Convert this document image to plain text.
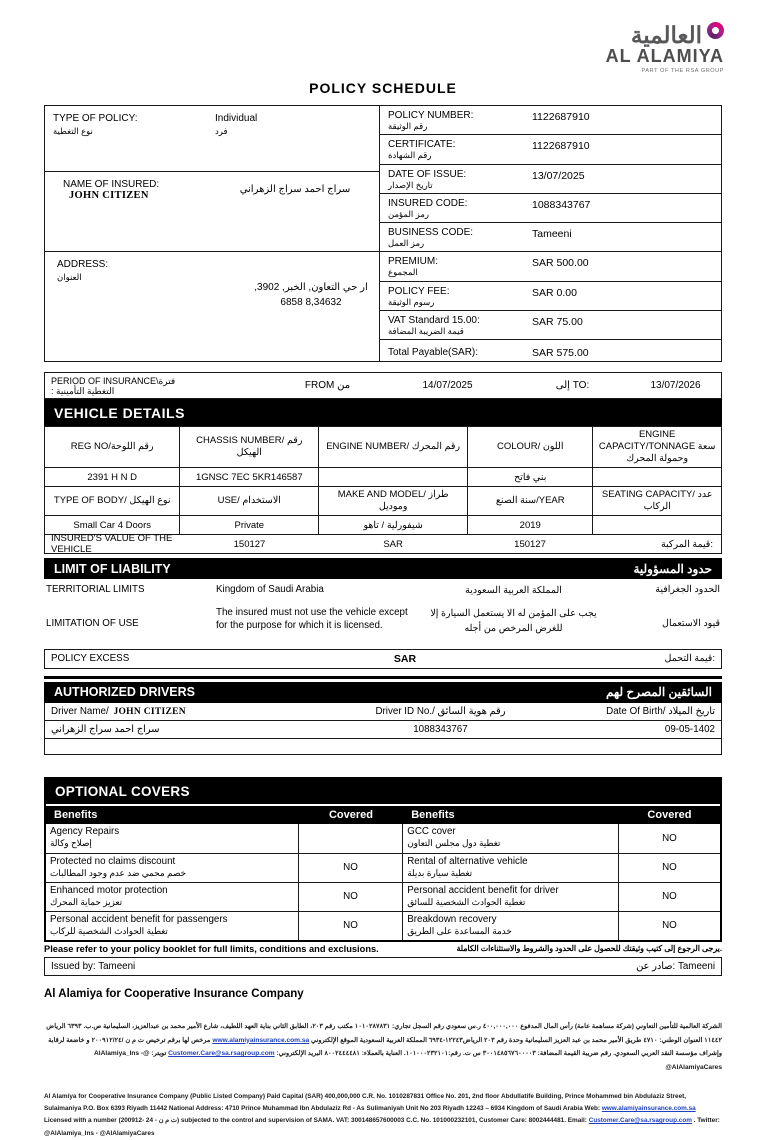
العالمية
AL ALAMIYA
PART OF THE RSA GROUP
POLICY SCHEDULE
TYPE OF POLICY:
نوع التغطية
Individual
فرد
NAME OF INSURED:
JOHN CITIZEN
سراج احمد سراج الزهراني
ADDRESS:
العنوان
ار حي التعاون, الخبر, 3902, 8,34632 6858
POLICY NUMBER:
رقم الوثيقة
1122687910
CERTIFICATE:
رقم الشهادة
1122687910
DATE OF ISSUE:
تاريخ الإصدار
13/07/2025
INSURED CODE:
رمز المؤمن
1088343767
BUSINESS CODE:
رمز العمل
Tameeni
PREMIUM:
المجموع
SAR 500.00
POLICY FEE:
رسوم الوثيقة
SAR 0.00
VAT Standard 15.00:
قيمة الضريبة المضافة
SAR 75.00
Total Payable(SAR):	SAR 575.00
PERIOD OF INSURANCE\فترة
: التغطية التأمينية	FROM من	14/07/2025	إلى TO:	13/07/2026
VEHICLE DETAILS
REG NO/رقم اللوحة	CHASSIS NUMBER/ رقم الهيكل	ENGINE NUMBER/ رقم المحرك	COLOUR/ اللون	ENGINE CAPACITY/TONNAGE سعة وحمولة المحرك
2391 H N D	1GNSC 7EC 5KR146587		بني فاتح	
TYPE OF BODY/ نوع الهيكل	USE/ الاستخدام	MAKE AND MODEL/ طراز وموديل	سنة الصنع/YEAR	SEATING CAPACITY/ عدد الركاب
Small Car 4 Doors	Private	شيفورلية / تاهو	2019	
INSURED'S VALUE OF THE VEHICLE	150127	SAR	150127	قيمة المركبة:
LIMIT OF LIABILITY	حدود المسؤولية
TERRITORIAL LIMITS	Kingdom of Saudi Arabia	المملكة العربية السعودية	الحدود الجغرافية
LIMITATION OF USE
The insured must not use the vehicle except for the purpose for which it is licensed.
يجب على المؤمن له الا يستعمل السيارة إلا للغرض المرخص من أجله	قيود الاستعمال
POLICY EXCESS	SAR	قيمة التحمل:
AUTHORIZED DRIVERS	السائقين المصرح لهم
Driver Name/ JOHN CITIZEN	Driver ID No./ رقم هوية السائق	Date Of Birth/ تاريخ الميلاد
سراج احمد سراج الزهراني	1088343767	09-05-1402
OPTIONAL COVERS
Benefits	Covered	Benefits	Covered
Agency Repairs
إصلاح وكالة
GCC cover
تغطية دول مجلس التعاون	NO
Protected no claims discount
خصم محمي ضد عدم وجود المطالبات	NO
Rental of alternative vehicle
تغطية سيارة بديلة	NO
Enhanced motor protection
تعزيز حماية المحرك	NO
Personal accident benefit for driver
تغطية الحوادث الشخصية للسائق	NO
Personal accident benefit for passengers
تغطية الحوادث الشخصية للركاب	NO
Breakdown recovery
خدمة المساعدة على الطريق	NO
Please refer to your policy booklet for full limits, conditions and exclusions.	يرجى الرجوع إلى كتيب وثيقتك للحصول على الحدود والشروط والاستثناءات الكاملة.
Issued by: Tameeni	صادر عن: Tameeni
Al Alamiya for Cooperative Insurance Company
الشركة العالمية للتأمين التعاوني (شركة مساهمة عامة) رأس المال المدفوع ٤٠٠,٠٠٠,٠٠٠ ر.س سعودي رقم السجل تجاري: ١٠١٠٢٨٧٨٣١ مكتب رقم ٢٠٣، الطابق الثاني بناية العهد اللطيف، شارع الأمير محمد بن عبدالعزيز، السليمانية ص.ب. ٦٣٩٣ الرياض ١١٤٤٢ العنوان الوطني: ٤٧١٠ طريق الأمير محمد بن عبد العزيز السليمانية وحدة رقم ٢٠٣ الرياض١٢٢٤٣-٦٩٣٤ المملكة العربية السعودية الموقع الإلكتروني www.alamiyainsurance.com.sa مرخص لها برقم ترخيص ت م ن /٢٠٠٩١٢/٢٤ و خاضعة لرقابة وإشراف مؤسسة النقد العربي السعودي. رقم ضريبة القيمة المضافة: ٣٠٠١٤٨٥٦٧٦٠٠٠٠٣ س ت. رقم:١٠١٠٠٠٢٣٢١٠١. العناية بالعملاء: ٨٠٠٢٤٤٤٤٨١ البريد الإلكتروني: Customer.Care@sa.rsagroup.com تويتر: @AlAlamiya_Ins - @AlAlamiyaCares
Al Alamiya for Cooperative Insurance Company (Public Listed Company) Paid Capital (SAR) 400,000,000 C.R. No. 1010287831 Office No. 201, 2nd floor Abdullatife Building, Prince Mohammed bin Abdulaziz Street, Sulaimaniya P.O. Box 6393 Riyadh 11442 National Address: 4710 Prince Muhammad Ibn Abdulaziz Rd - As Sulimaniyah Unit No 203 Riyadh 12243 – 6934 Kingdom of Saudi Arabia Web: www.alamiyainsurance.com.sa Licensed with a number (200912- 24 - ت م ن) subjected to the control and supervision of SAMA. VAT: 300148657600003 C.C. No. 101000232101, Customer Care: 8002444481. Email: Customer.Care@sa.rsagroup.com . Twitter: @AlAlamiya_Ins - @AlAlamiyaCares
